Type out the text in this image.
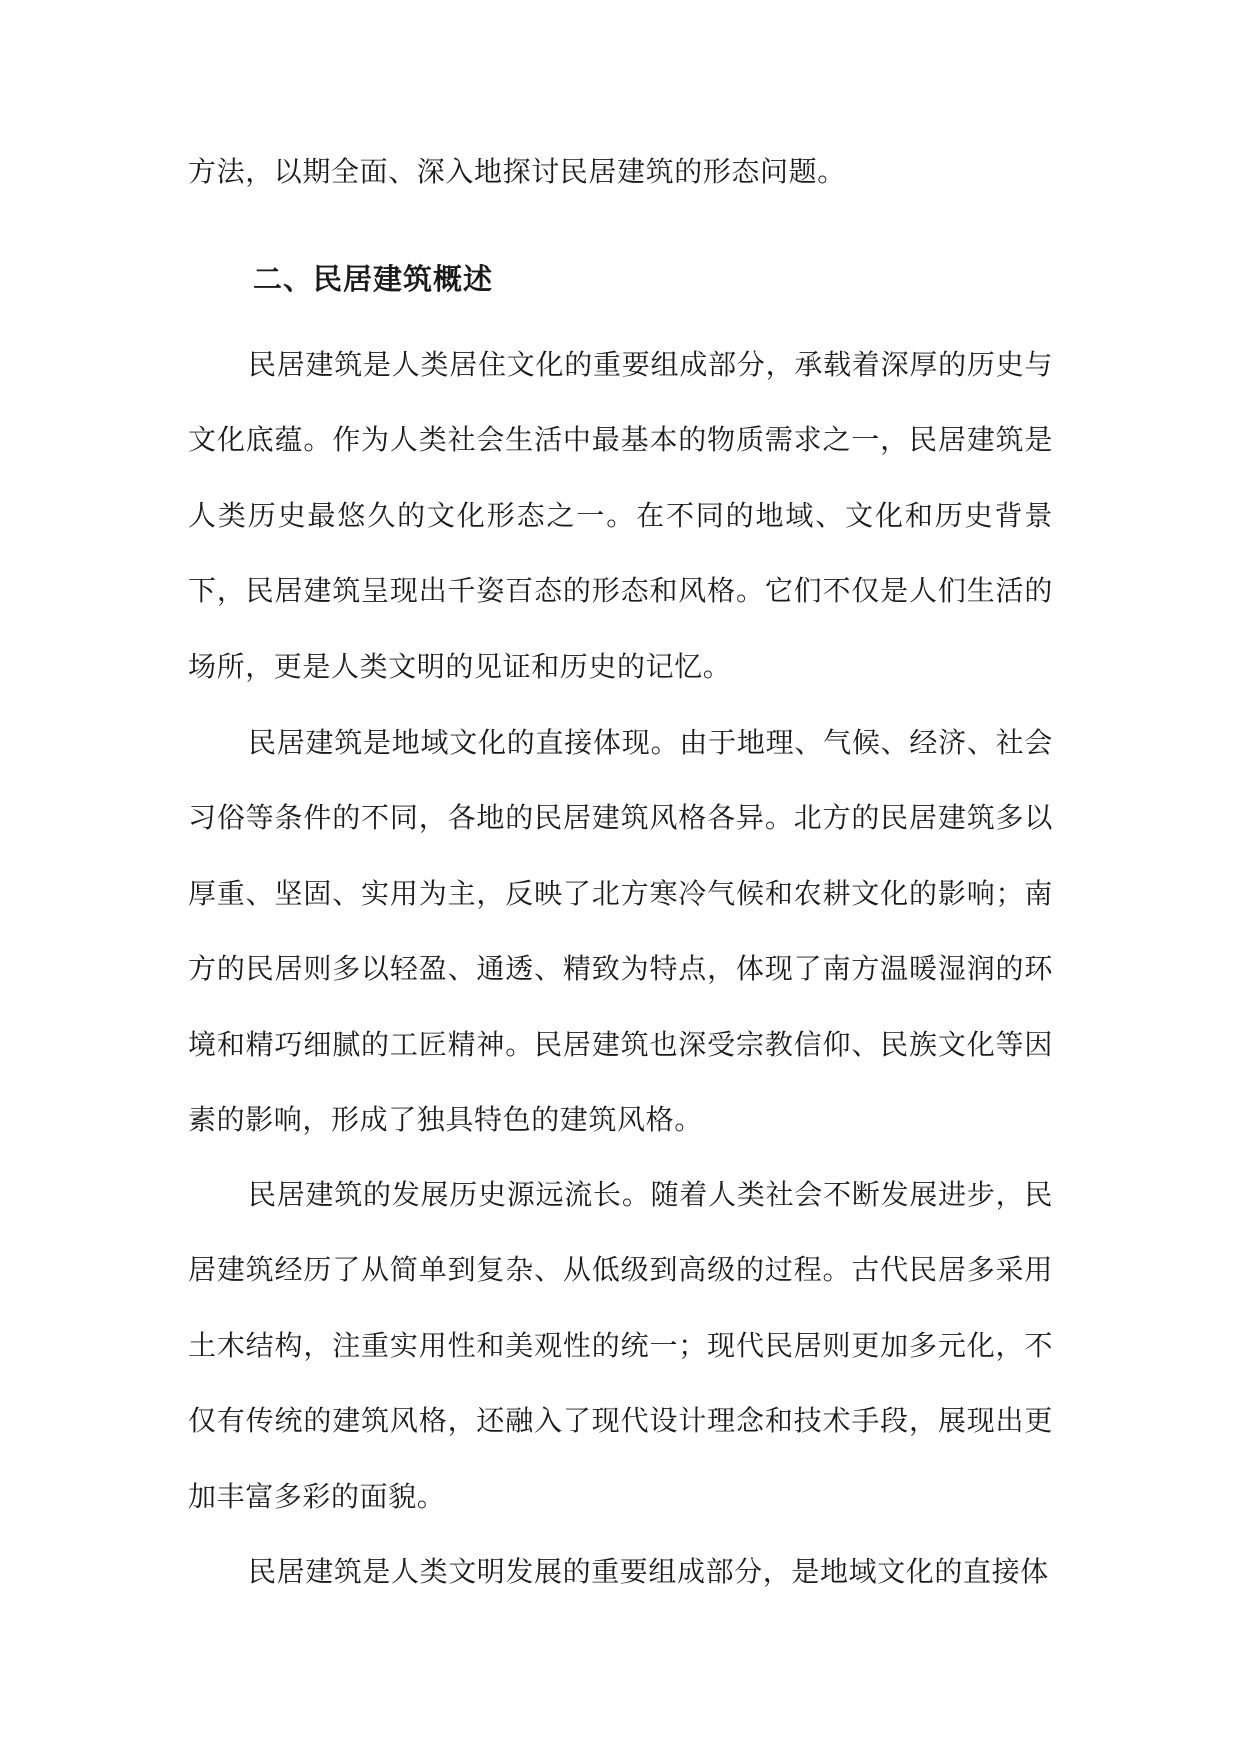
方法，以期全面、深入地探讨民居建筑的形态问题。
二、民居建筑概述
民居建筑是人类居住文化的重要组成部分，承载着深厚的历史与文化底蕴。作为人类社会生活中最基本的物质需求之一，民居建筑是人类历史最悠久的文化形态之一。在不同的地域、文化和历史背景下，民居建筑呈现出千姿百态的形态和风格。它们不仅是人们生活的场所，更是人类文明的见证和历史的记忆。
民居建筑是地域文化的直接体现。由于地理、气候、经济、社会习俗等条件的不同，各地的民居建筑风格各异。北方的民居建筑多以厚重、坚固、实用为主，反映了北方寒冷气候和农耕文化的影响；南方的民居则多以轻盈、通透、精致为特点，体现了南方温暖湿润的环境和精巧细腻的工匠精神。民居建筑也深受宗教信仰、民族文化等因素的影响，形成了独具特色的建筑风格。
民居建筑的发展历史源远流长。随着人类社会不断发展进步，民居建筑经历了从简单到复杂、从低级到高级的过程。古代民居多采用土木结构，注重实用性和美观性的统一；现代民居则更加多元化，不仅有传统的建筑风格，还融入了现代设计理念和技术手段，展现出更加丰富多彩的面貌。
民居建筑是人类文明发展的重要组成部分，是地域文化的直接体
